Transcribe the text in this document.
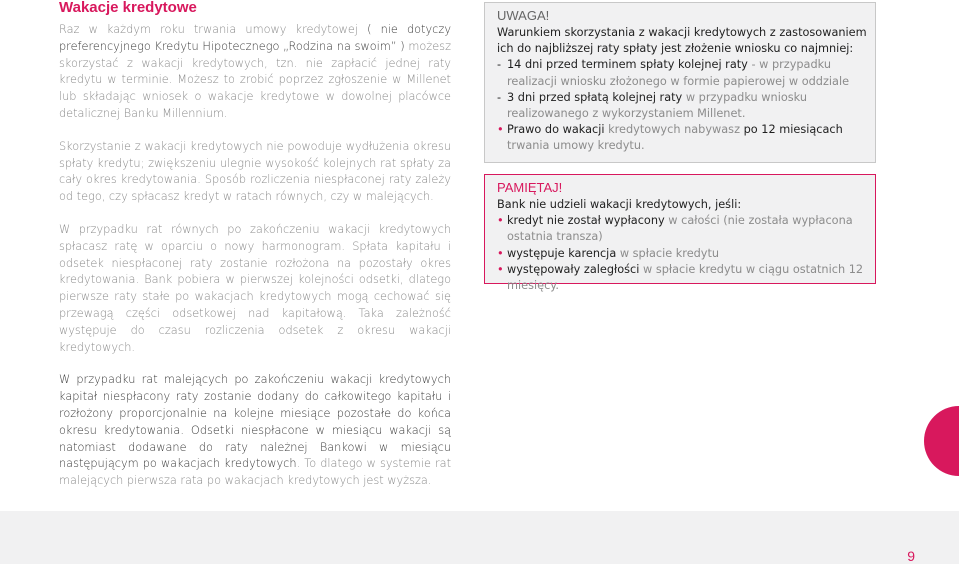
Wakacje kredytowe

Raz w każdym roku trwania umowy kredytowej ( nie dotyczy preferencyjnego Kredytu Hipotecznego „Rodzina na swoim” ) możesz skorzystać z wakacji kredytowych, tzn. nie zapłacić jednej raty kredytu w terminie. Możesz to zrobić poprzez zgłoszenie w Millenet lub składając wniosek o wakacje kredytowe w dowolnej placówce detalicznej Banku Millennium.

Skorzystanie z wakacji kredytowych nie powoduje wydłużenia okresu spłaty kredytu; zwiększeniu ulegnie wysokość kolejnych rat spłaty za cały okres kredytowania. Sposób rozliczenia niespłaconej raty zależy od tego, czy spłacasz kredyt w ratach równych, czy w malejących.

W przypadku rat równych po zakończeniu wakacji kredytowych spłacasz ratę w oparciu o nowy harmonogram. Spłata kapitału i odsetek niespłaconej raty zostanie rozłożona na pozostały okres kredytowania. Bank pobiera w pierwszej kolejności odsetki, dlatego pierwsze raty stałe po wakacjach kredytowych mogą cechować się przewagą części odsetkowej nad kapitałową. Taka zależność występuje do czasu rozliczenia odsetek z okresu wakacji kredytowych.

W przypadku rat malejących po zakończeniu wakacji kredytowych kapitał niespłacony raty zostanie dodany do całkowitego kapitału i rozłożony proporcjonalnie na kolejne miesiące pozostałe do końca okresu kredytowania. Odsetki niespłacone w miesiącu wakacji są natomiast dodawane do raty należnej Bankowi w miesiącu następującym po wakacjach kredytowych. To dlatego w systemie rat malejących pierwsza rata po wakacjach kredytowych jest wyższa.

UWAGA!
Warunkiem skorzystania z wakacji kredytowych z zastosowaniem ich do najbliższej raty spłaty jest złożenie wniosku co najmniej:
- 14 dni przed terminem spłaty kolejnej raty - w przypadku realizacji wniosku złożonego w formie papierowej w oddziale
- 3 dni przed spłatą kolejnej raty w przypadku wniosku realizowanego z wykorzystaniem Millenet.
• Prawo do wakacji kredytowych nabywasz po 12 miesiącach trwania umowy kredytu.
PAMIĘTAJ!
Bank nie udzieli wakacji kredytowych, jeśli:
• kredyt nie został wypłacony w całości (nie została wypłacona ostatnia transza)
• występuje karencja w spłacie kredytu
• występowały zaległości w spłacie kredytu w ciągu ostatnich 12 miesięcy.
9
